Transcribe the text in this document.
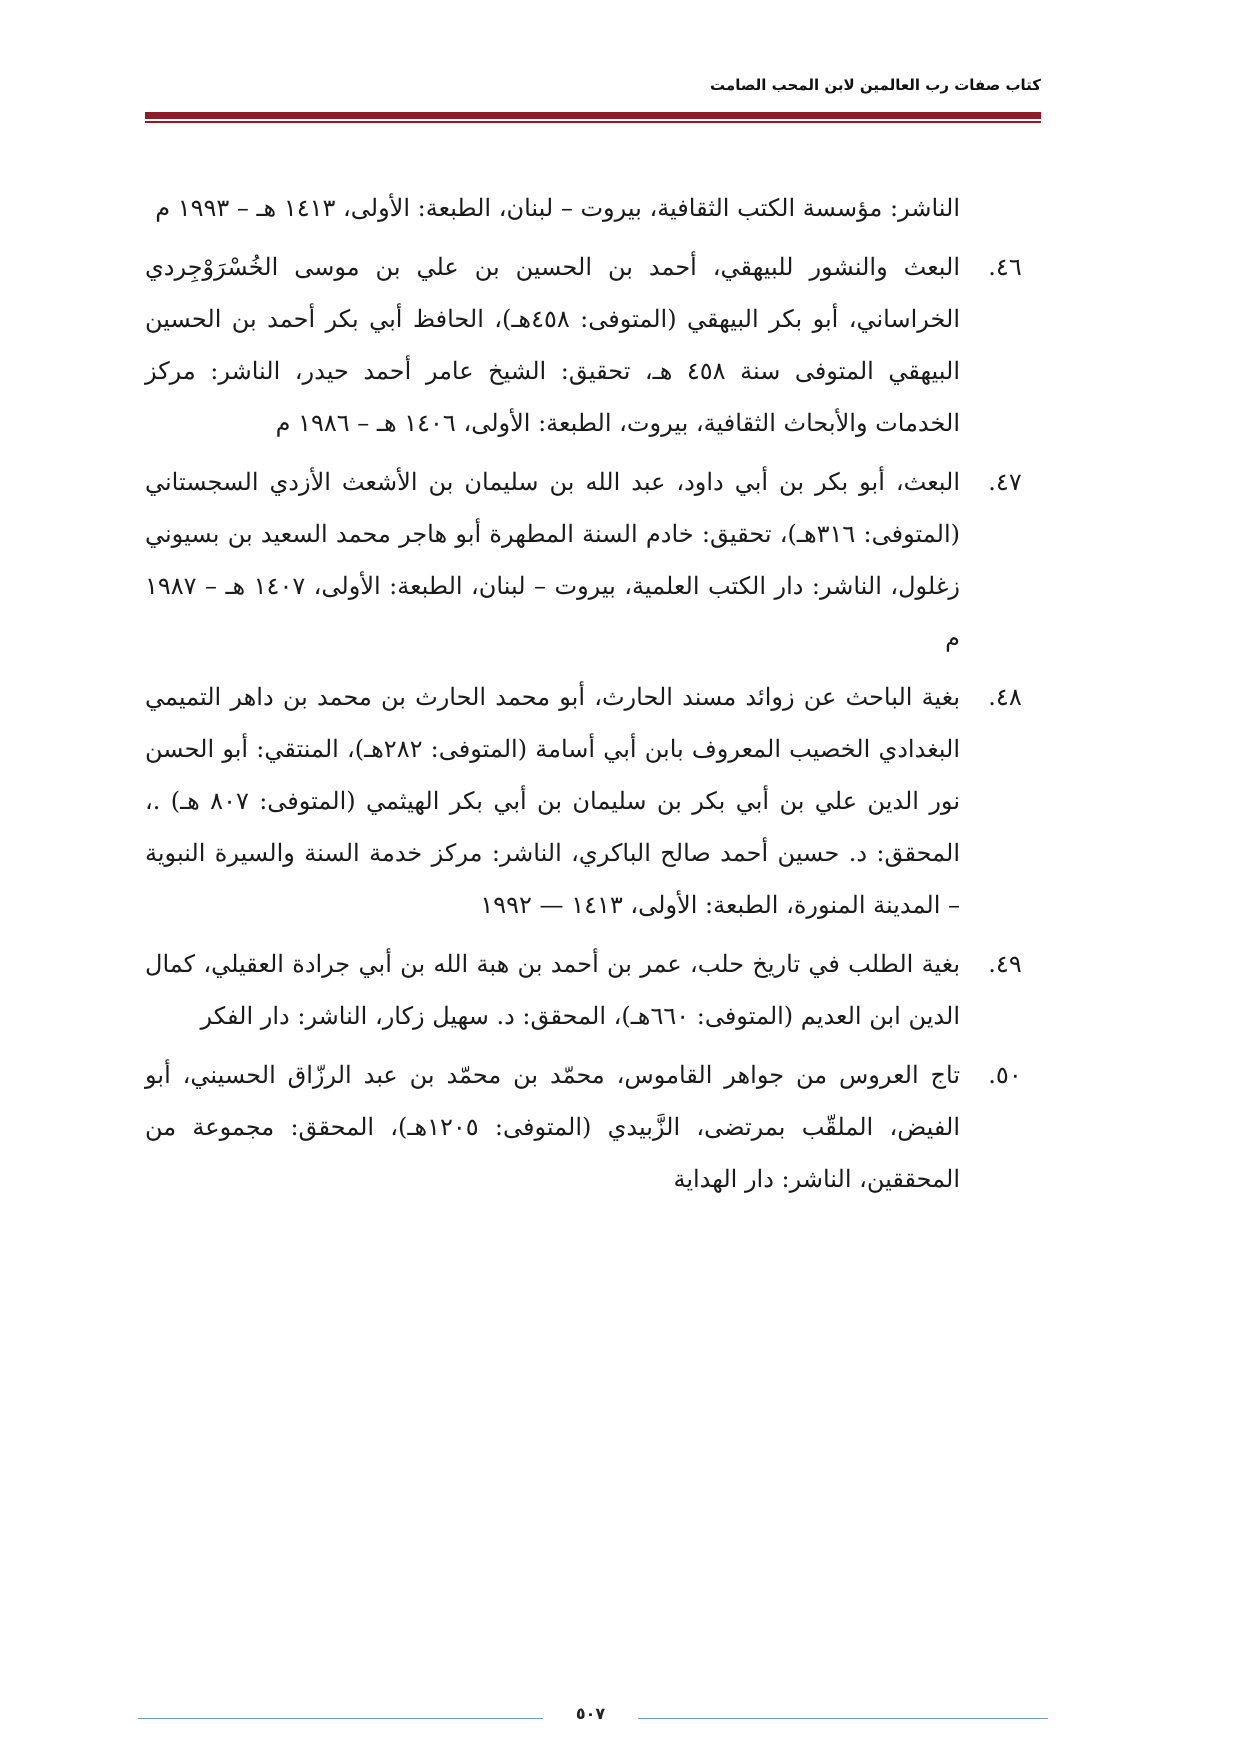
كتاب صفات رب العالمين لابن المحب الصامت

الناشر: مؤسسة الكتب الثقافية، بيروت – لبنان، الطبعة: الأولى، ١٤١٣ هـ – ١٩٩٣ م

٤٦.
البعث والنشور للبيهقي، أحمد بن الحسين بن علي بن موسى الخُسْرَوْجِردي الخراساني، أبو بكر البيهقي (المتوفى: ٤٥٨هـ)، الحافظ أبي بكر أحمد بن الحسين البيهقي المتوفى سنة ٤٥٨ هـ، تحقيق: الشيخ عامر أحمد حيدر، الناشر: مركز الخدمات والأبحاث الثقافية، بيروت، الطبعة: الأولى، ١٤٠٦ هـ – ١٩٨٦ م
٤٧.
البعث، أبو بكر بن أبي داود، عبد الله بن سليمان بن الأشعث الأزدي السجستاني (المتوفى: ٣١٦هـ)، تحقيق: خادم السنة المطهرة أبو هاجر محمد السعيد بن بسيوني زغلول، الناشر: دار الكتب العلمية، بيروت – لبنان، الطبعة: الأولى، ١٤٠٧ هـ – ١٩٨٧ م
٤٨.
بغية الباحث عن زوائد مسند الحارث، أبو محمد الحارث بن محمد بن داهر التميمي البغدادي الخصيب المعروف بابن أبي أسامة (المتوفى: ٢٨٢هـ)، المنتقي: أبو الحسن نور الدين علي بن أبي بكر بن سليمان بن أبي بكر الهيثمي (المتوفى: ٨٠٧ هـ) .، المحقق: د. حسين أحمد صالح الباكري، الناشر: مركز خدمة السنة والسيرة النبوية – المدينة المنورة، الطبعة: الأولى، ١٤١٣ — ١٩٩٢
٤٩.
بغية الطلب في تاريخ حلب، عمر بن أحمد بن هبة الله بن أبي جرادة العقيلي، كمال الدين ابن العديم (المتوفى: ٦٦٠هـ)، المحقق: د. سهيل زكار، الناشر: دار الفكر
٥٠.
تاج العروس من جواهر القاموس، محمّد بن محمّد بن عبد الرزّاق الحسيني، أبو الفيض، الملقّب بمرتضى، الزَّبيدي (المتوفى: ١٢٠٥هـ)، المحقق: مجموعة من المحققين، الناشر: دار الهداية
٥٠٧
